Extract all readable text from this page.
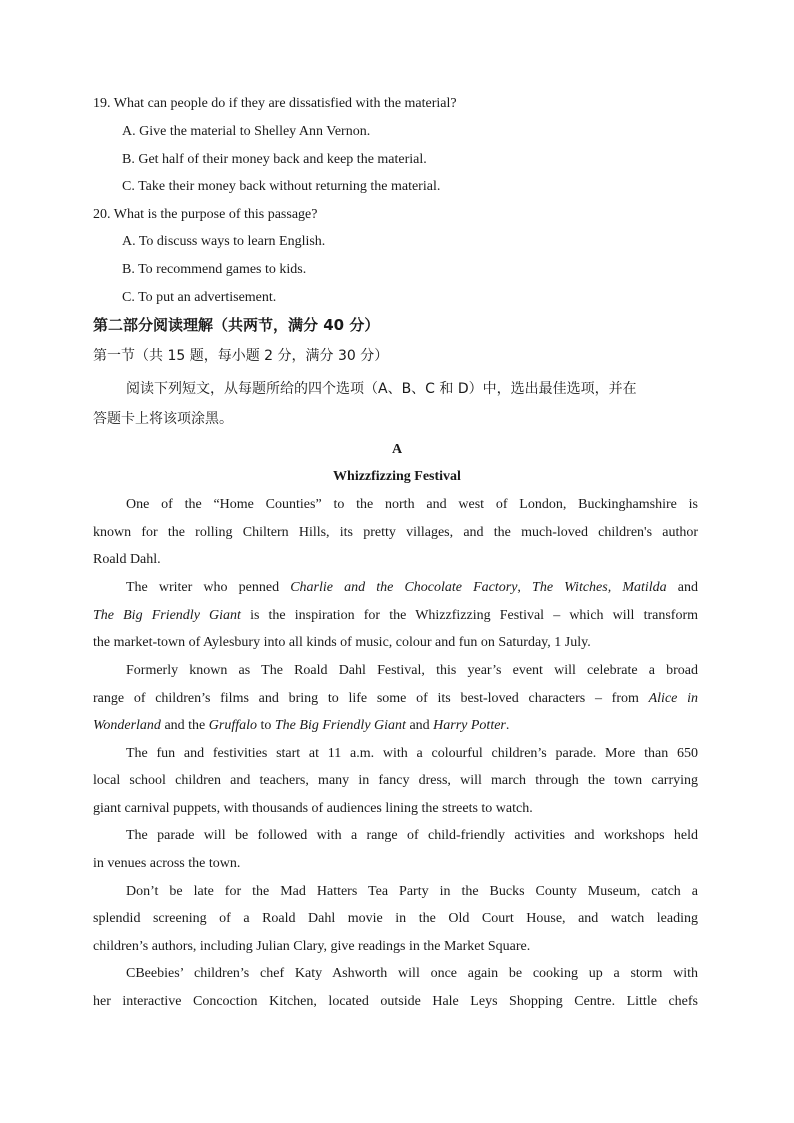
19. What can people do if they are dissatisfied with the material?
A. Give the material to Shelley Ann Vernon.
B. Get half of their money back and keep the material.
C. Take their money back without returning the material.
20. What is the purpose of this passage?
A. To discuss ways to learn English.
B. To recommend games to kids.
C. To put an advertisement.
第二部分阅读理解（共两节，满分 40 分）
第一节（共 15 题，每小题 2 分，满分 30 分）
阅读下列短文，从每题所给的四个选项（A、B、C 和 D）中，选出最佳选项，并在
答题卡上将该项涂黑。
A
Whizzfizzing Festival
One of the “Home Counties” to the north and west of London, Buckinghamshire is
known for the rolling Chiltern Hills, its pretty villages, and the much-loved children's author
Roald Dahl.
The writer who penned Charlie and the Chocolate Factory, The Witches, Matilda and
The Big Friendly Giant is the inspiration for the Whizzfizzing Festival – which will transform
the market-town of Aylesbury into all kinds of music, colour and fun on Saturday, 1 July.
Formerly known as The Roald Dahl Festival, this year’s event will celebrate a broad
range of children’s films and bring to life some of its best-loved characters – from Alice in
Wonderland and the Gruffalo to The Big Friendly Giant and Harry Potter.
The fun and festivities start at 11 a.m. with a colourful children’s parade. More than 650
local school children and teachers, many in fancy dress, will march through the town carrying
giant carnival puppets, with thousands of audiences lining the streets to watch.
The parade will be followed with a range of child-friendly activities and workshops held
in venues across the town.
Don’t be late for the Mad Hatters Tea Party in the Bucks County Museum, catch a
splendid screening of a Roald Dahl movie in the Old Court House, and watch leading
children’s authors, including Julian Clary, give readings in the Market Square.
CBeebies’ children’s chef Katy Ashworth will once again be cooking up a storm with
her interactive Concoction Kitchen, located outside Hale Leys Shopping Centre. Little chefs
